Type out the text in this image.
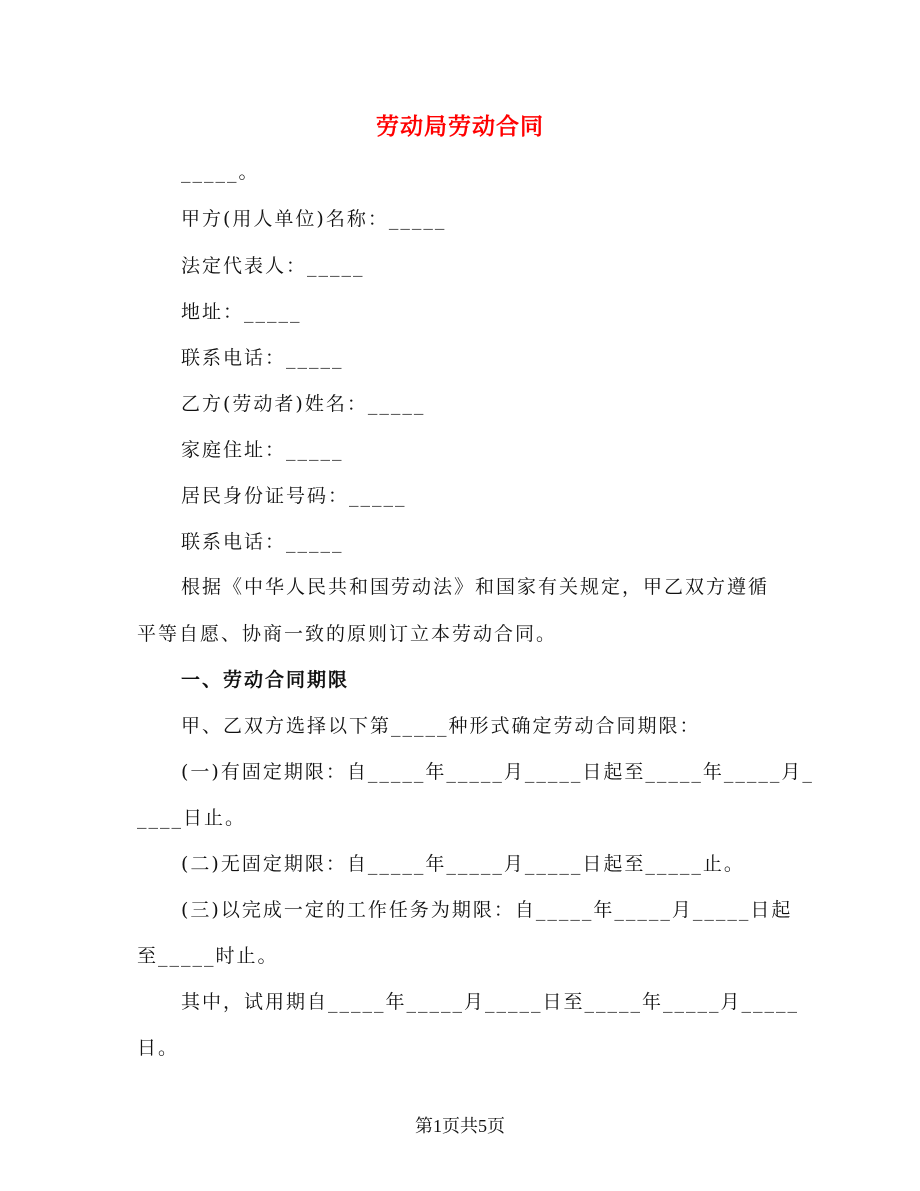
劳动局劳动合同
_____。
甲方(用人单位)名称：_____
法定代表人：_____
地址：_____
联系电话：_____
乙方(劳动者)姓名：_____
家庭住址：_____
居民身份证号码：_____
联系电话：_____
根据《中华人民共和国劳动法》和国家有关规定，甲乙双方遵循
平等自愿、协商一致的原则订立本劳动合同。
一、劳动合同期限
甲、乙双方选择以下第_____种形式确定劳动合同期限：
(一)有固定期限：自_____年_____月_____日起至_____年_____月_
____日止。
(二)无固定期限：自_____年_____月_____日起至_____止。
(三)以完成一定的工作任务为期限：自_____年_____月_____日起
至_____时止。
其中，试用期自_____年_____月_____日至_____年_____月_____
日。
第1页共5页
